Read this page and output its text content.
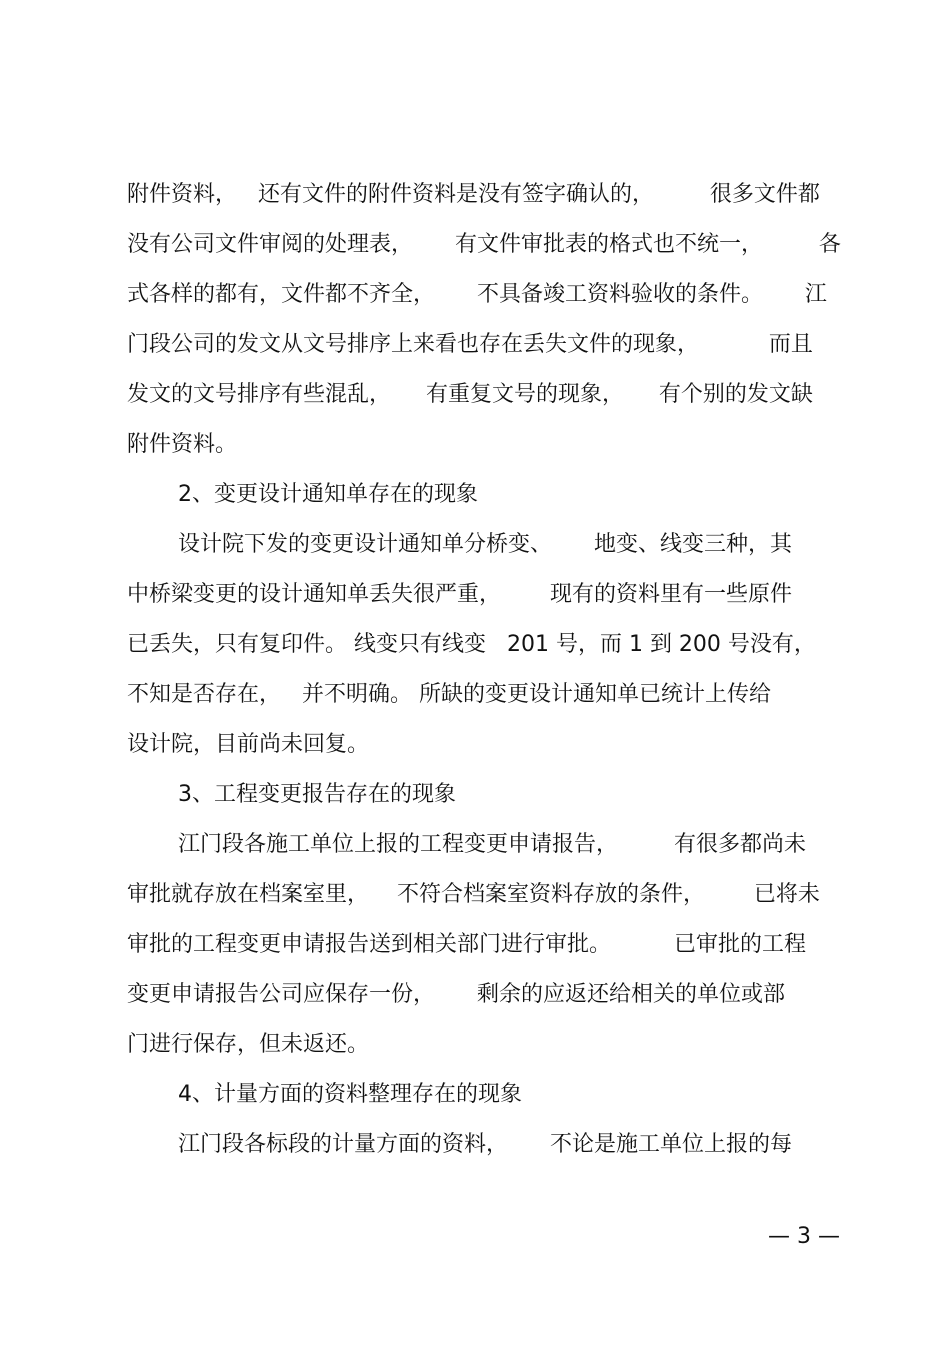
附件资料，   还有文件的附件资料是没有签字确认的，        很多文件都
没有公司文件审阅的处理表，      有文件审批表的格式也不统一，        各
式各样的都有，文件都不齐全，      不具备竣工资料验收的条件。      江
门段公司的发文从文号排序上来看也存在丢失文件的现象，          而且
发文的文号排序有些混乱，     有重复文号的现象，     有个别的发文缺
附件资料。
2、变更设计通知单存在的现象
设计院下发的变更设计通知单分桥变、      地变、线变三种，其
中桥梁变更的设计通知单丢失很严重，       现有的资料里有一些原件
已丢失，只有复印件。 线变只有线变   201 号，而 1 到 200 号没有，
不知是否存在，   并不明确。 所缺的变更设计通知单已统计上传给
设计院，目前尚未回复。
3、工程变更报告存在的现象
江门段各施工单位上报的工程变更申请报告，        有很多都尚未
审批就存放在档案室里，    不符合档案室资料存放的条件，       已将未
审批的工程变更申请报告送到相关部门进行审批。         已审批的工程
变更申请报告公司应保存一份，      剩余的应返还给相关的单位或部
门进行保存，但未返还。
4、计量方面的资料整理存在的现象
江门段各标段的计量方面的资料，      不论是施工单位上报的每
— 3 —
